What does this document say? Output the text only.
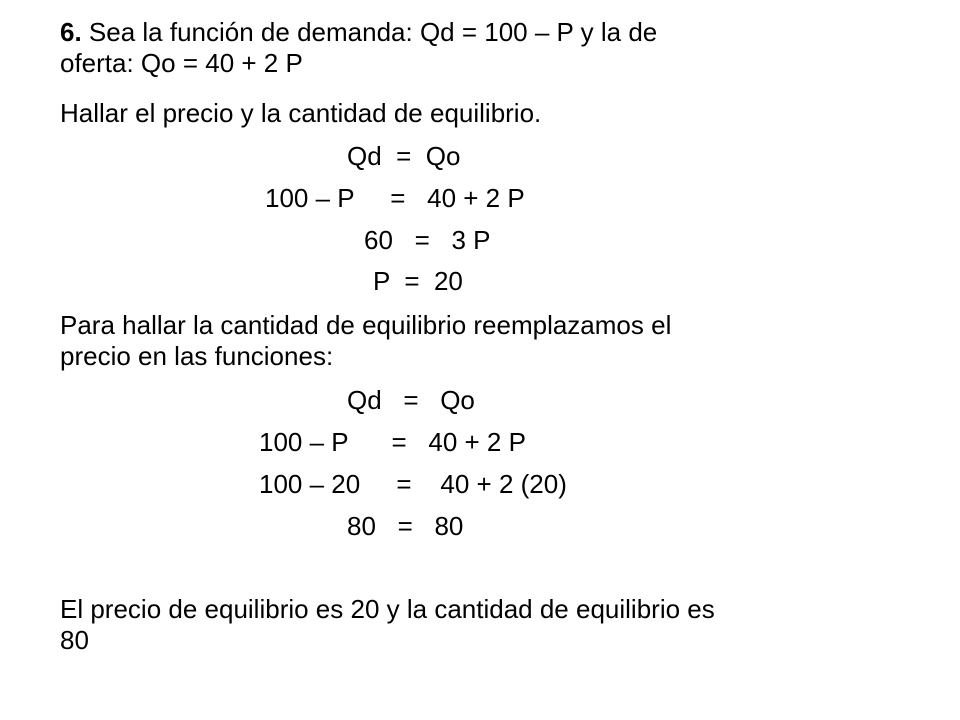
6. Sea la función de demanda: Qd = 100 – P y la de
oferta: Qo = 40 + 2 P

Hallar el precio y la cantidad de equilibrio.

Qd  =  Qo

100 – P     =   40 + 2 P

60   =   3 P

P  =  20

Para hallar la cantidad de equilibrio reemplazamos el
precio en las funciones:

Qd   =   Qo

100 – P      =   40 + 2 P

100 – 20     =    40 + 2 (20)

80   =   80

El precio de equilibrio es 20 y la cantidad de equilibrio es
80
